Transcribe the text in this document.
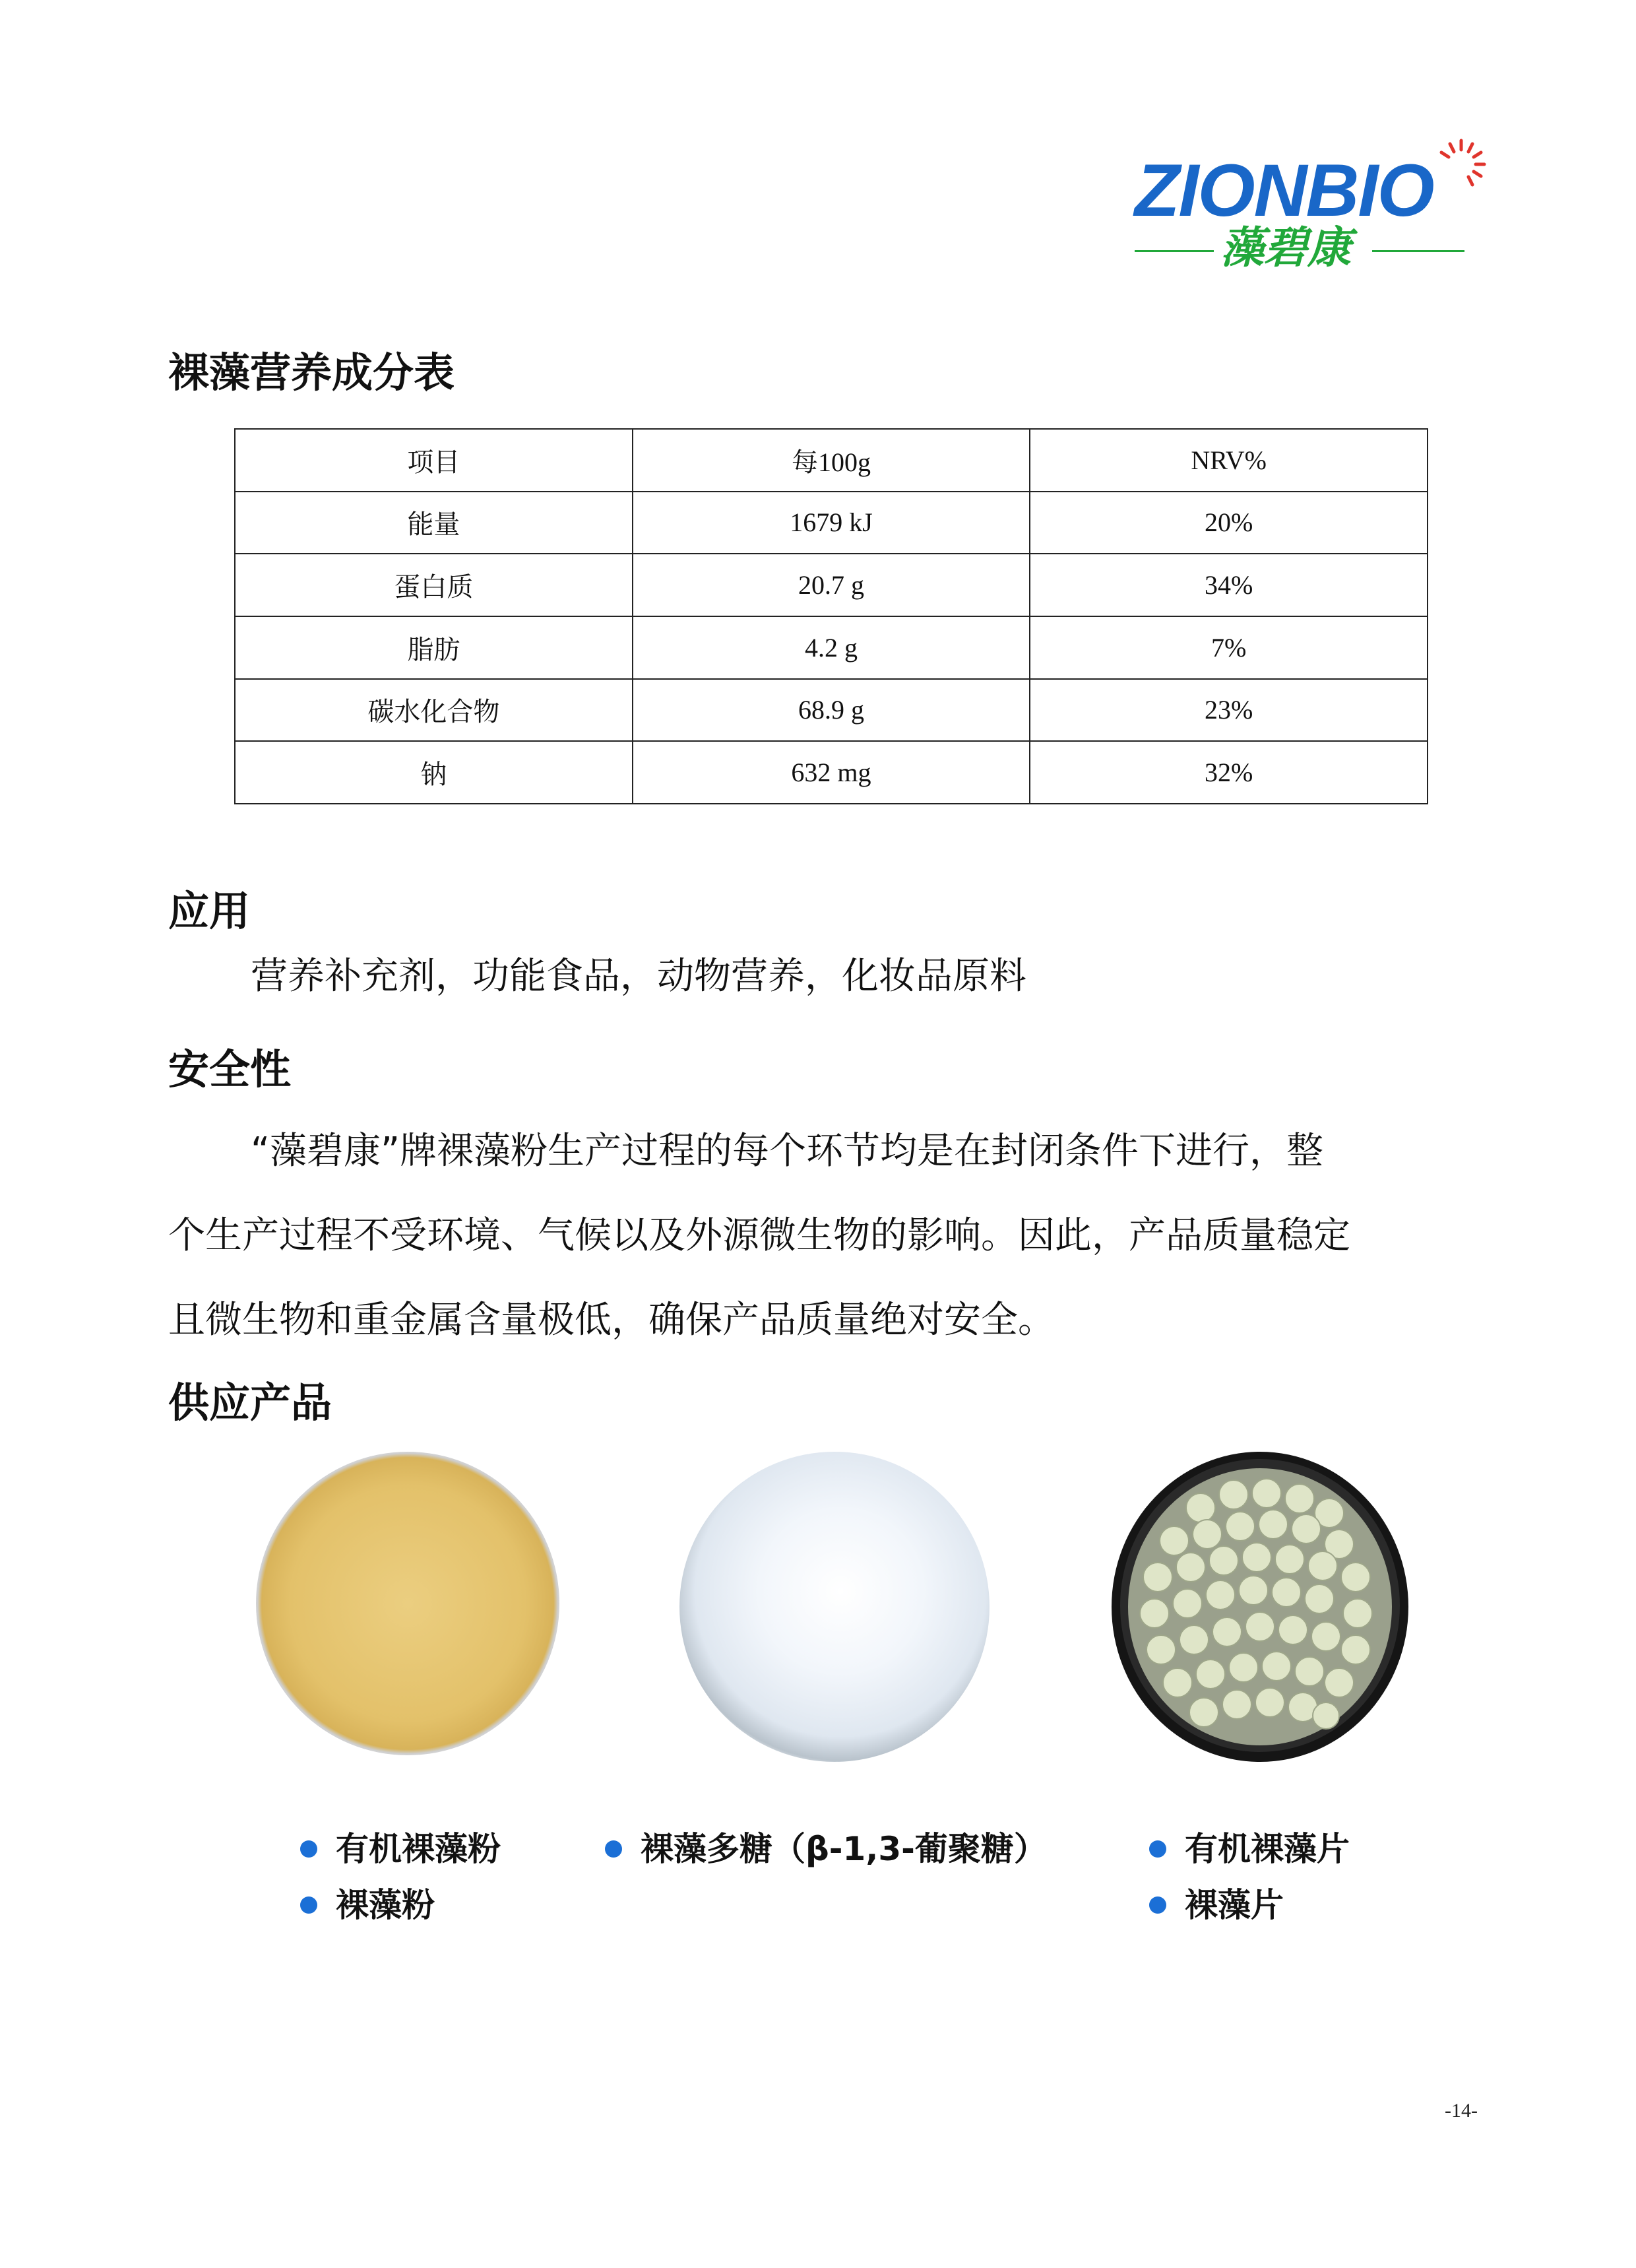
ZIONBIO
藻碧康
裸藻营养成分表
项目	每100g	NRV%
能量	1679 kJ	20%
蛋白质	20.7 g	34%
脂肪	4.2 g	7%
碳水化合物	68.9 g	23%
钠	632 mg	32%
应用
营养补充剂，功能食品，动物营养，化妆品原料
安全性
“藻碧康”牌裸藻粉生产过程的每个环节均是在封闭条件下进行，整
个生产过程不受环境、气候以及外源微生物的影响。因此，产品质量稳定
且微生物和重金属含量极低，确保产品质量绝对安全。
供应产品
有机裸藻粉
裸藻粉
裸藻多糖（β-1,3-葡聚糖）	有机裸藻片
裸藻片
-14-
